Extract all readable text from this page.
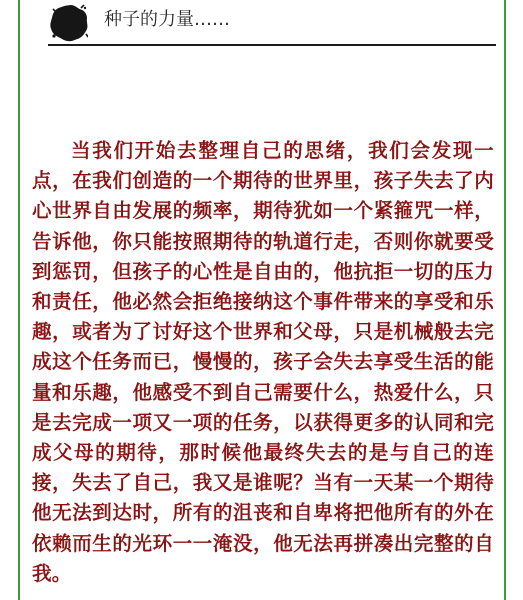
种子的力量……

当我们开始去整理自己的思绪，我们会发现一点，在我们创造的一个期待的世界里，孩子失去了内心世界自由发展的频率，期待犹如一个紧箍咒一样，告诉他，你只能按照期待的轨道行走，否则你就要受到惩罚，但孩子的心性是自由的，他抗拒一切的压力和责任，他必然会拒绝接纳这个事件带来的享受和乐趣，或者为了讨好这个世界和父母，只是机械般去完成这个任务而已，慢慢的，孩子会失去享受生活的能量和乐趣，他感受不到自己需要什么，热爱什么，只是去完成一项又一项的任务，以获得更多的认同和完成父母的期待，那时候他最终失去的是与自己的连接，失去了自己，我又是谁呢？当有一天某一个期待他无法到达时，所有的沮丧和自卑将把他所有的外在依赖而生的光环一一淹没，他无法再拼凑出完整的自我。
